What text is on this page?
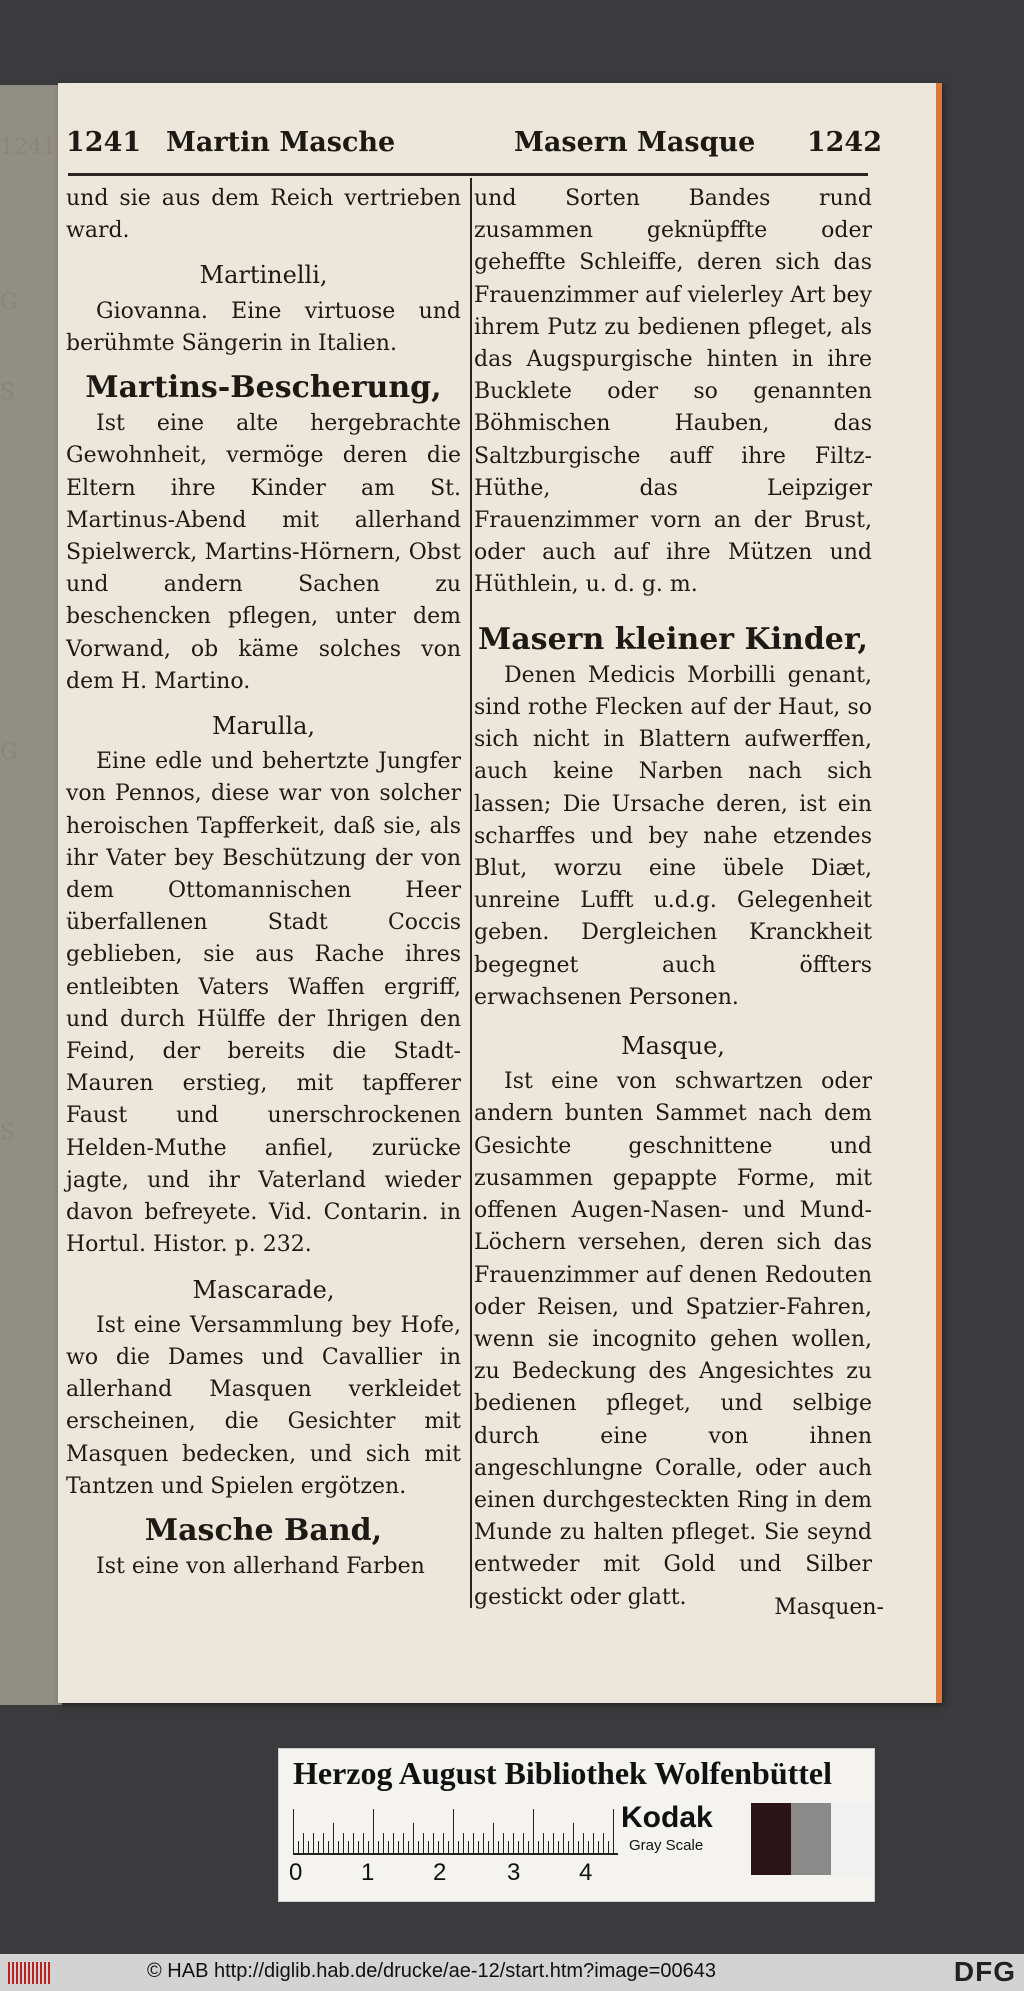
1241
G
S
G
S
1241 Martin Masche	Masern Masque 1242

und sie aus dem Reich vertrieben ward.

Martinelli,

Giovanna. Eine virtuose und berühmte Sängerin in Italien.

Martins-Bescherung,

Ist eine alte hergebrachte Gewohnheit, vermöge deren die Eltern ihre Kinder am St. Martinus-Abend mit allerhand Spielwerck, Martins-Hörnern, Obst und andern Sachen zu beschencken pflegen, unter dem Vorwand, ob käme solches von dem H. Martino.

Marulla,

Eine edle und behertzte Jungfer von Pennos, diese war von solcher heroischen Tapfferkeit, daß sie, als ihr Vater bey Beschützung der von dem Ottomannischen Heer überfallenen Stadt Coccis geblieben, sie aus Rache ihres entleibten Vaters Waffen ergriff, und durch Hülffe der Ihrigen den Feind, der bereits die Stadt-Mauren erstieg, mit tapfferer Faust und unerschrockenen Helden-Muthe anfiel, zurücke jagte, und ihr Vaterland wieder davon befreyete. Vid. Contarin. in Hortul. Histor. p. 232.

Mascarade,

Ist eine Versammlung bey Hofe, wo die Dames und Cavallier in allerhand Masquen verkleidet erscheinen, die Gesichter mit Masquen bedecken, und sich mit Tantzen und Spielen ergötzen.

Masche Band,

Ist eine von allerhand Farben

und Sorten Bandes rund zusammen geknüpffte oder geheffte Schleiffe, deren sich das Frauenzimmer auf vielerley Art bey ihrem Putz zu bedienen pfleget, als das Augspurgische hinten in ihre Bucklete oder so genannten Böhmischen Hauben, das Saltzburgische auff ihre Filtz-Hüthe, das Leipziger Frauenzimmer vorn an der Brust, oder auch auf ihre Mützen und Hüthlein, u. d. g. m.

Masern kleiner Kinder,

Denen Medicis Morbilli genant, sind rothe Flecken auf der Haut, so sich nicht in Blattern aufwerffen, auch keine Narben nach sich lassen; Die Ursache deren, ist ein scharffes und bey nahe etzendes Blut, worzu eine übele Diæt, unreine Lufft u.d.g. Gelegenheit geben. Dergleichen Kranckheit begegnet auch öffters erwachsenen Personen.

Masque,

Ist eine von schwartzen oder andern bunten Sammet nach dem Gesichte geschnittene und zusammen gepappte Forme, mit offenen Augen-Nasen- und Mund-Löchern versehen, deren sich das Frauenzimmer auf denen Redouten oder Reisen, und Spatzier-Fahren, wenn sie incognito gehen wollen, zu Bedeckung des Angesichtes zu bedienen pfleget, und selbige durch eine von ihnen angeschlungne Coralle, oder auch einen durchgesteckten Ring in dem Munde zu halten pfleget. Sie seynd entweder mit Gold und Silber gestickt oder glatt.	Masquen-
Herzog August Bibliothek Wolfenbüttel
0 1 2	3 4
Kodak
Gray Scale
© HAB http://diglib.hab.de/drucke/ae-12/start.htm?image=00643	DFG
